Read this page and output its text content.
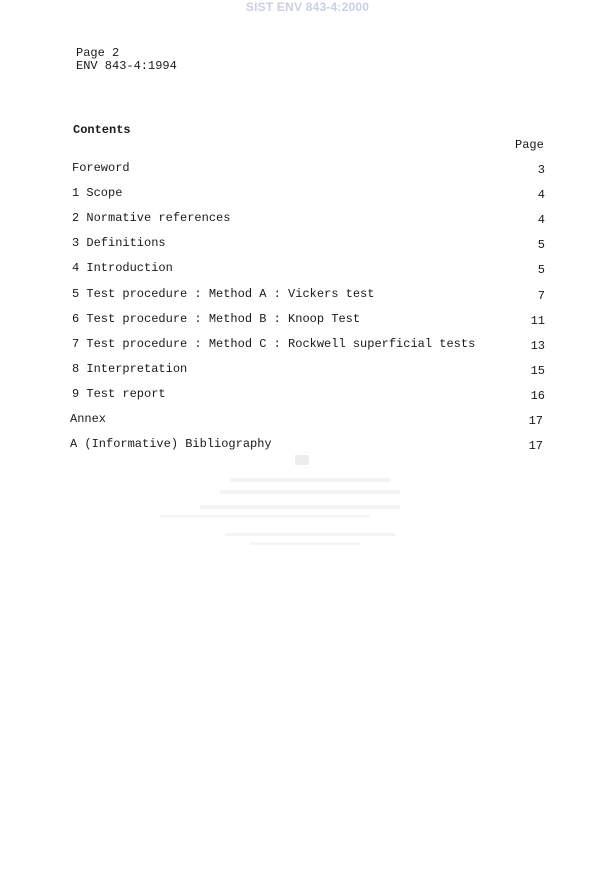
SIST ENV 843-4:2000
Page 2
ENV 843-4:1994
Contents
Page
Foreword	3
1 Scope	4
2 Normative references	4
3 Definitions	5
4 Introduction	5
5 Test procedure : Method A : Vickers test	7
6 Test procedure : Method B : Knoop Test	11
7 Test procedure : Method C : Rockwell superficial tests	13
8 Interpretation	15
9 Test report	16
Annex	17
A (Informative) Bibliography	17
